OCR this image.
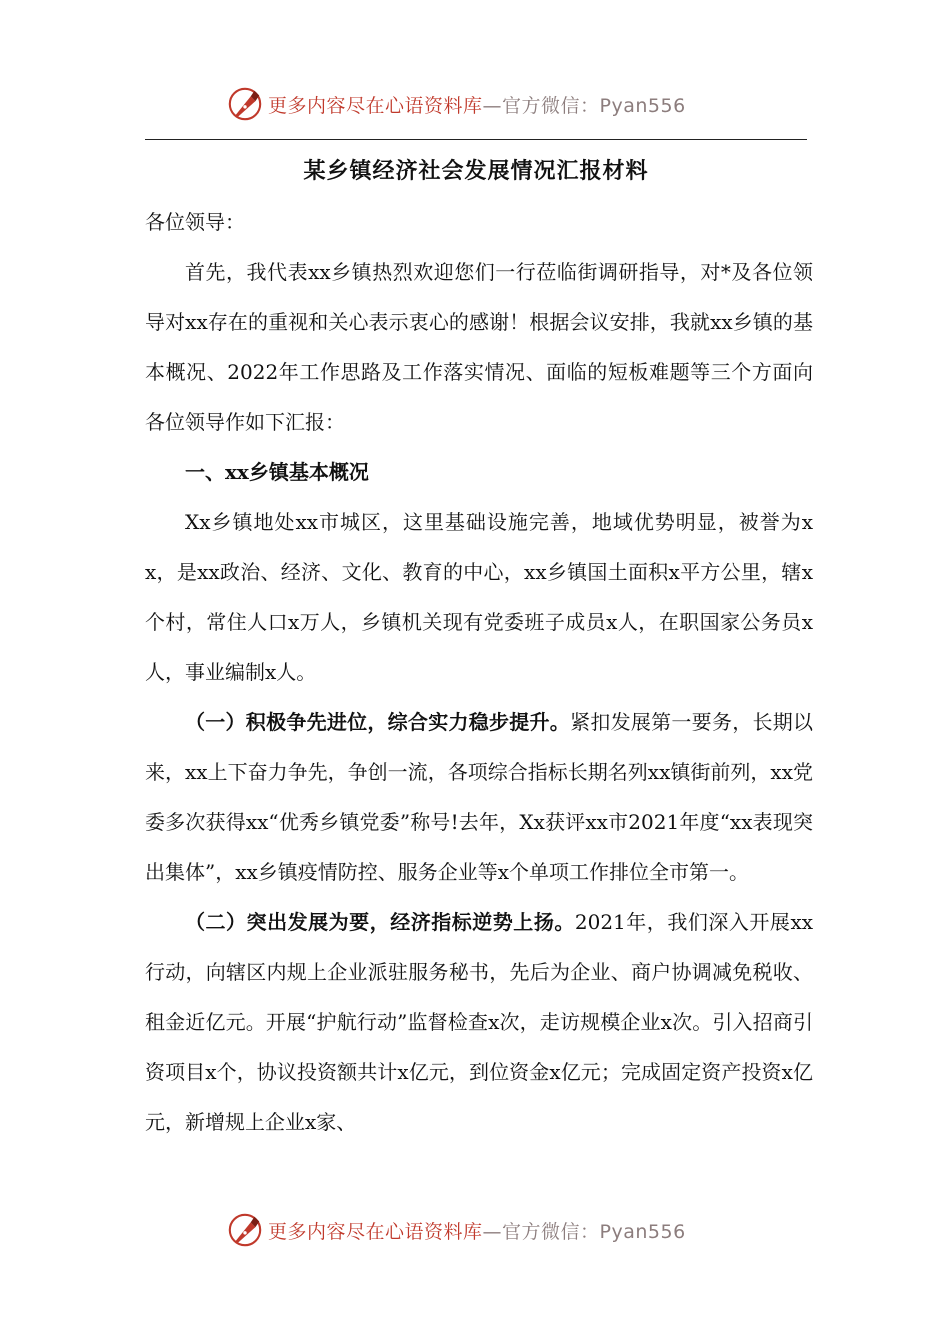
更多内容尽在心语资料库—官方微信：Pyan556
某乡镇经济社会发展情况汇报材料

各位领导：

首先，我代表xx乡镇热烈欢迎您们一行莅临街调研指导，对*及各位领导对xx存在的重视和关心表示衷心的感谢！根据会议安排，我就xx乡镇的基本概况、2022年工作思路及工作落实情况、面临的短板难题等三个方面向各位领导作如下汇报：

一、xx乡镇基本概况

Xx乡镇地处xx市城区，这里基础设施完善，地域优势明显，被誉为xx，是xx政治、经济、文化、教育的中心，xx乡镇国土面积x平方公里，辖x个村，常住人口x万人，乡镇机关现有党委班子成员x人，在职国家公务员x人，事业编制x人。

（一）积极争先进位，综合实力稳步提升。紧扣发展第一要务，长期以来，xx上下奋力争先，争创一流，各项综合指标长期名列xx镇街前列，xx党委多次获得xx“优秀乡镇党委”称号!去年，Xx获评xx市2021年度“xx表现突出集体”，xx乡镇疫情防控、服务企业等x个单项工作排位全市第一。

（二）突出发展为要，经济指标逆势上扬。2021年，我们深入开展xx行动，向辖区内规上企业派驻服务秘书，先后为企业、商户协调减免税收、租金近亿元。开展“护航行动”监督检查x次，走访规模企业x次。引入招商引资项目x个，协议投资额共计x亿元，到位资金x亿元；完成固定资产投资x亿元，新增规上企业x家、

更多内容尽在心语资料库—官方微信：Pyan556
